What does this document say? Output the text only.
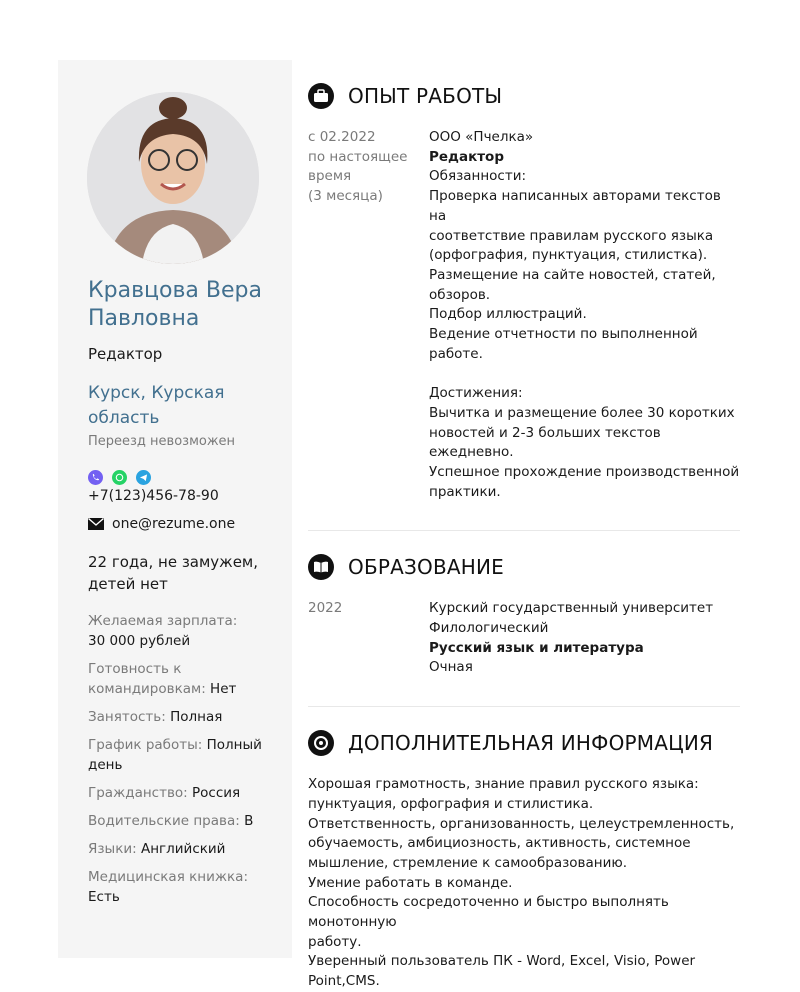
Кравцова Вера
Павловна
Редактор
Курск, Курская
область
Переезд невозможен
+7(123)456-78-90
one@rezume.one
22 года, не замужем,
детей нет
Желаемая зарплата:
30 000 рублей
Готовность к
командировкам: Нет
Занятость: Полная
График работы: Полный
день
Гражданство: Россия
Водительские права: B
Языки: Английский
Медицинская книжка:
Есть
ОПЫТ РАБОТЫ
с 02.2022
по настоящее
время
(3 месяца)
ООО «Пчелка»
Редактор
Обязанности:
Проверка написанных авторами текстов на
соответствие правилам русского языка
(орфография, пунктуация, стилистка).
Размещение на сайте новостей, статей,
обзоров.
Подбор иллюстраций.
Ведение отчетности по выполненной работе.
Достижения:
Вычитка и размещение более 30 коротких
новостей и 2-3 больших текстов ежедневно.
Успешное прохождение производственной
практики.
ОБРАЗОВАНИЕ
2022	Курский государственный университет
Филологический
Русский язык и литература
Очная
ДОПОЛНИТЕЛЬНАЯ ИНФОРМАЦИЯ
Хорошая грамотность, знание правил русского языка:
пунктуация, орфография и стилистика.
Ответственность, организованность, целеустремленность,
обучаемость, амбициозность, активность, системное
мышление, стремление к самообразованию.
Умение работать в команде.
Способность сосредоточенно и быстро выполнять монотонную
работу.
Уверенный пользователь ПК - Word, Excel, Visio, Power
Point,CMS.
